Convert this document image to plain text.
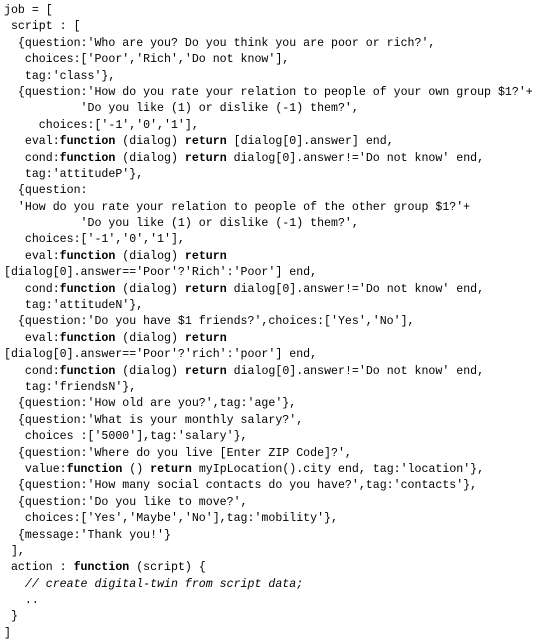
job = [
script : [
{question:'Who are you? Do you think you are poor or rich?',
choices:['Poor','Rich','Do not know'],
tag:'class'},
{question:'How do you rate your relation to people of your own group $1?'+
'Do you like (1) or dislike (-1) them?',
choices:['-1','0','1'],
eval:function (dialog) return [dialog[0].answer] end,
cond:function (dialog) return dialog[0].answer!='Do not know' end,
tag:'attitudeP'},
{question:
'How do you rate your relation to people of the other group $1?'+
'Do you like (1) or dislike (-1) them?',
choices:['-1','0','1'],
eval:function (dialog) return
[dialog[0].answer=='Poor'?'Rich':'Poor'] end,
cond:function (dialog) return dialog[0].answer!='Do not know' end,
tag:'attitudeN'},
{question:'Do you have $1 friends?',choices:['Yes','No'],
eval:function (dialog) return
[dialog[0].answer=='Poor'?'rich':'poor'] end,
cond:function (dialog) return dialog[0].answer!='Do not know' end,
tag:'friendsN'},
{question:'How old are you?',tag:'age'},
{question:'What is your monthly salary?',
choices :['5000'],tag:'salary'},
{question:'Where do you live [Enter ZIP Code]?',
value:function () return myIpLocation().city end, tag:'location'},
{question:'How many social contacts do you have?',tag:'contacts'},
{question:'Do you like to move?',
choices:['Yes','Maybe','No'],tag:'mobility'},
{message:'Thank you!'}
],
action : function (script) {
// create digital-twin from script data;
..
}
]
